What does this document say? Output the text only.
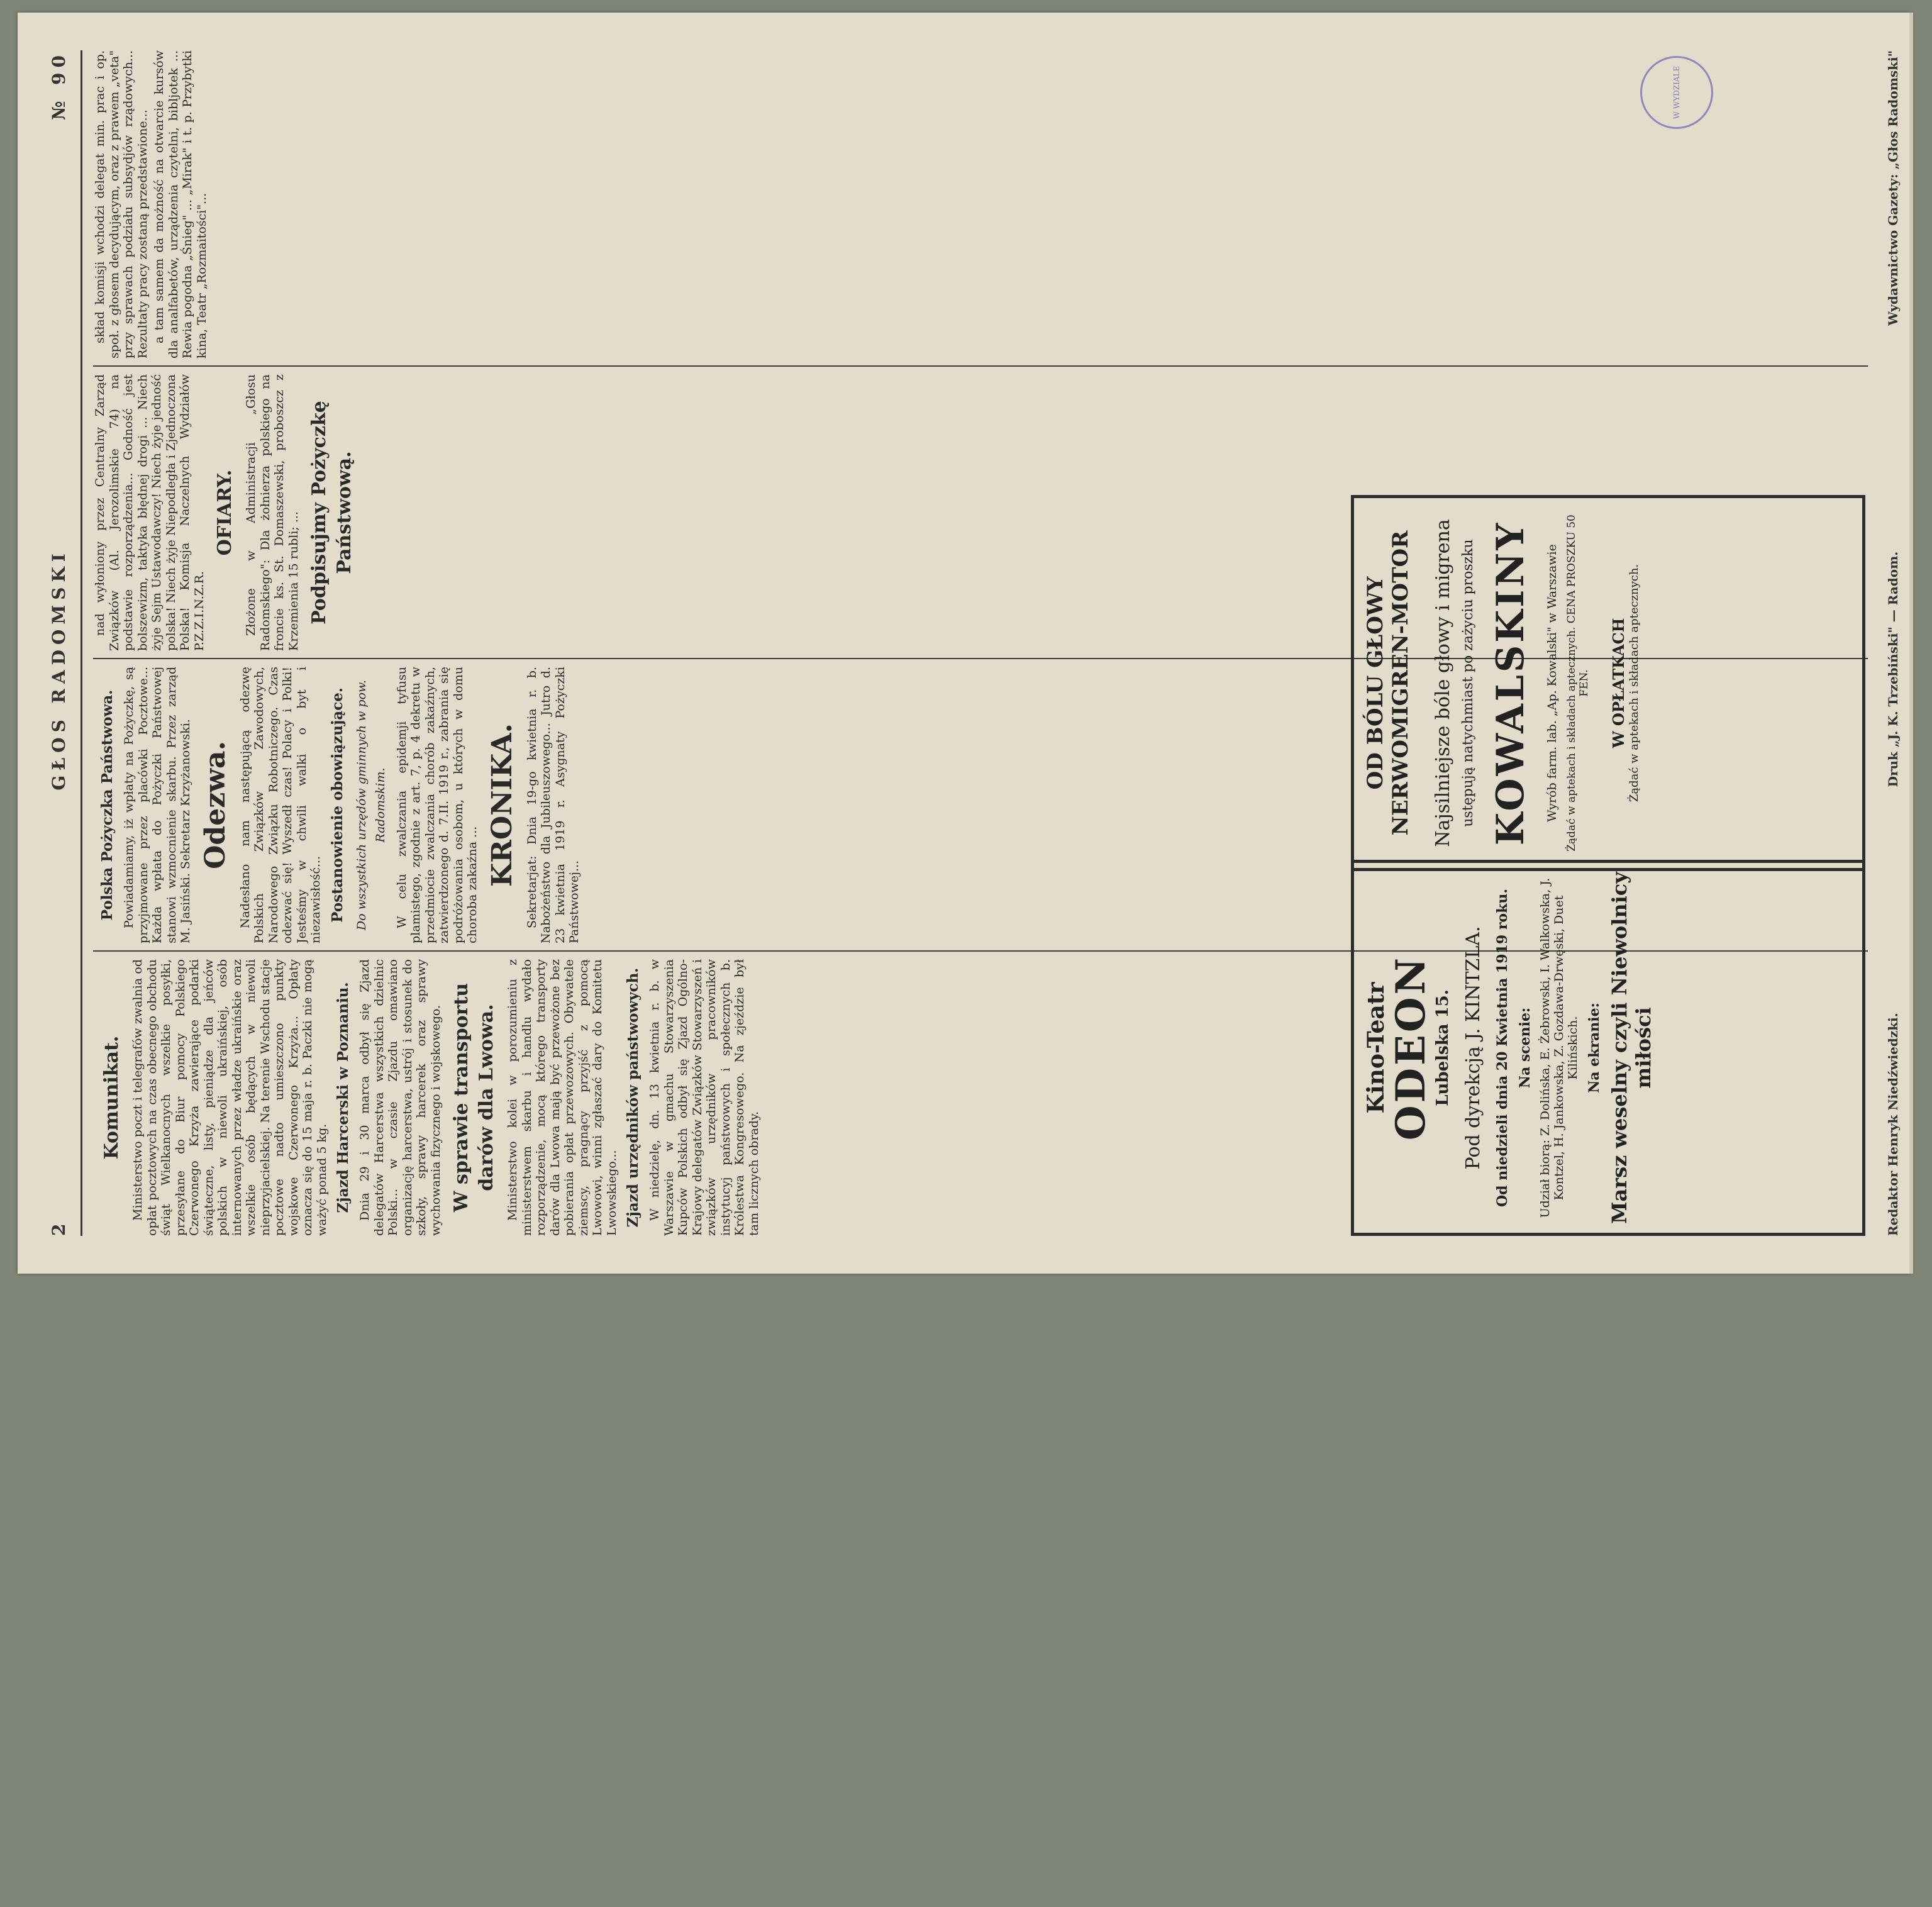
2
GŁOS RADOMSKI
№ 90
Komunikat. Ministerstwo poczt i telegrafów zwalnia od opłat pocztowych na czas obecnego obchodu świąt Wielkanocnych wszelkie posyłki, przesyłane do Biur pomocy Polskiego Czerwonego Krzyża zawierające podarki świąteczne, listy, pieniądze dla jeńców polskich w niewoli ukraińskiej, osób internowanych przez władze ukraińskie oraz wszelkie osób będących w niewoli nieprzyjacielskiej. Na terenie Wschodu stacje pocztowe nadto umieszczono punkty wojskowe Czerwonego Krzyża... Opłaty oznacza się do 15 maja r. b. Paczki nie mogą ważyć ponad 5 kg. Zjazd Harcerski w Poznaniu. Dnia 29 i 30 marca odbył się Zjazd delegatów Harcerstwa wszystkich dzielnic Polski... w czasie Zjazdu omawiano organizację harcerstwa, ustrój i stosunek do szkoły, sprawy harcerek oraz sprawy wychowania fizycznego i wojskowego. W sprawie transportu darów dla Lwowa. Ministerstwo kolei w porozumieniu z ministerstwem skarbu i handlu wydało rozporządzenie, mocą którego transporty darów dla Lwowa mają być przewożone bez pobierania opłat przewozowych. Obywatele ziemscy, pragnący przyjść z pomocą Lwowowi, winni zgłaszać dary do Komitetu Lwowskiego... Zjazd urzędników państwowych. W niedzielę, dn. 13 kwietnia r. b. w Warszawie w gmachu Stowarzyszenia Kupców Polskich odbył się Zjazd Ogólno-Krajowy delegatów Związków Stowarzyszeń i związków urzędników pracowników instytucyj państwowych i społecznych b. Królestwa Kongresowego. Na zjeździe był tam licznych obrady.

Polska Pożyczka Państwowa. Powiadamiamy, iż wpłaty na Pożyczkę, są przyjmowane przez placówki Pocztowe... Każda wpłata do Pożyczki Państwowej stanowi wzmocnienie skarbu. Przez zarząd M. Jasiński. Sekretarz Krzyżanowski. Odezwa. Nadesłano nam następującą odezwę Polskich Związków Zawodowych, Narodowego Związku Robotniczego. Czas odezwać się! Wyszedł czas! Polacy i Polki! Jesteśmy w chwili walki o byt i niezawisłość... Postanowienie obowiązujące. Do wszystkich urzędów gminnych w pow. Radomskim. W celu zwalczania epidemji tyfusu plamistego, zgodnie z art. 7, p. 4 dekretu w przedmiocie zwalczania chorób zakaźnych, zatwierdzonego d. 7.II. 1919 r., zabrania się podróżowania osobom, u których w domu choroba zakaźna ... KRONIKA. Sekretarjat: Dnia 19-go kwietnia r. b. Nabożeństwo dla Jubileuszowego... Jutro d. 23 kwietnia 1919 r. Asygnaty Pożyczki Państwowej...

nad wyłoniony przez Centralny Zarząd Związków (Al. Jerozolimskie 74) na podstawie rozporządzenia... Godność jest bolszewizm, taktyka błędnej drogi ... Niech żyje Sejm Ustawodawczy! Niech żyje jedność polska! Niech żyje Niepodległa i Zjednoczona Polska! Komisja Naczelnych Wydziałów P.Z.Z.I.N.Z.R.

OFIARY. Złożone w Administracji „Głosu Radomskiego": Dla żołnierza polskiego na froncie ks. St. Domaszewski, proboszcz z Krzemienia 15 rubli; ... Podpisujmy Pożyczkę Państwową.

skład komisji wchodzi delegat min. prac i op. społ. z głosem decydującym, oraz z prawem „veta" przy sprawach podziału subsydjów rządowych... Rezultaty pracy zostaną przedstawione... a tam samem da możność na otwarcie kursów dla analfabetów, urządzenia czytelni, bibljotek ... Rewia pogodna „Śnieg" ... „Mirak" i t. p. Przybytki kina, Teatr „Rozmaitości"...

Kino-Teatr
ODEON
Lubelska 15. Pod dyrekcją J. KINTZLA. Od niedzieli dnia 20 Kwietnia 1919 roku. Na scenie: Udział biorą: Z. Dolińska, E. Żebrowski, I. Walkowska, J. Kontzel, H. Jankowska, Z. Gozdawa-Drwęski, Duet Kilińskich. Na ekranie: Marsz weselny czyli Niewolnicy miłości
OD BÓLU GŁOWY NERWOMIGREN-MOTOR Najsilniejsze bóle głowy i migrena ustępują natychmiast po zażyciu proszku KOWALSKINY Wyrób farm. lab. „Ap. Kowalski" w Warszawie Żądać w aptekach i składach aptecznych. CENA PROSZKU 50 FEN. W OPŁATKACH Żądać w aptekach i składach aptecznych.
W WYDZIALE
Redaktor Henryk Niedźwiedzki.
Druk „J. K. Trzebiński" — Radom.
Wydawnictwo Gazety: „Głos Radomski"
